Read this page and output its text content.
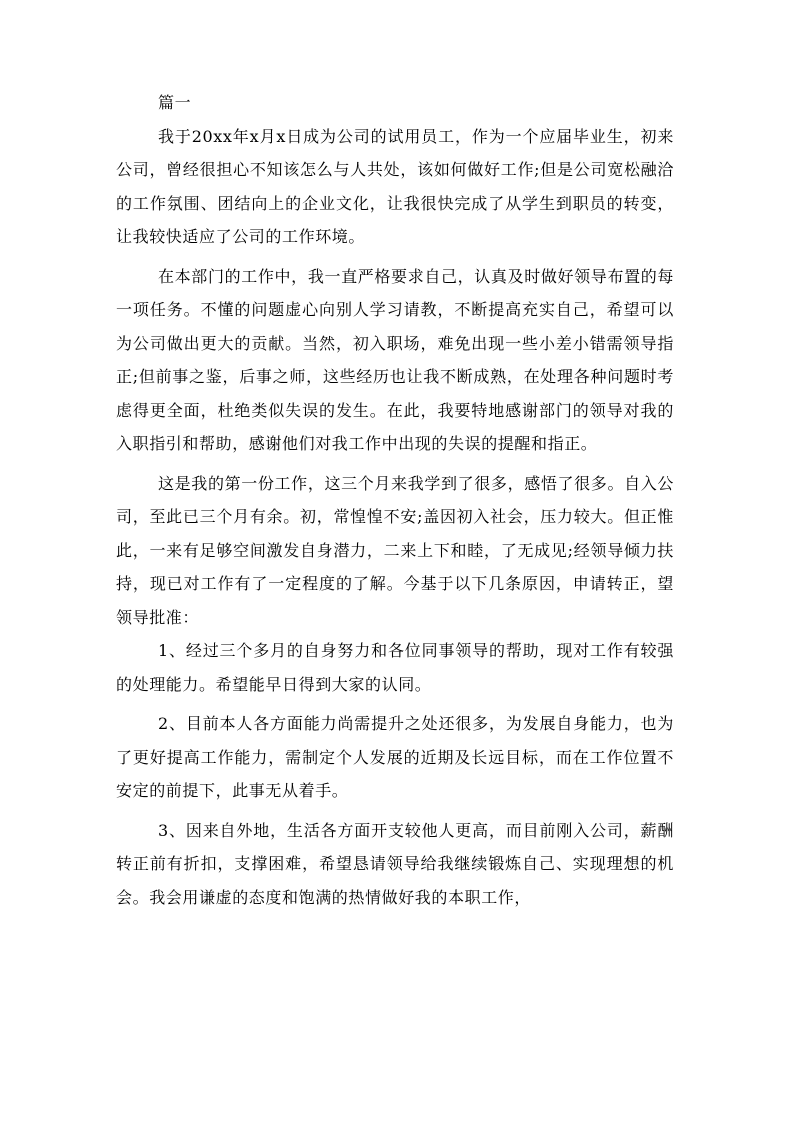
篇一

我于20xx年x月x日成为公司的试用员工，作为一个应届毕业生，初来公司，曾经很担心不知该怎么与人共处，该如何做好工作;但是公司宽松融洽的工作氛围、团结向上的企业文化，让我很快完成了从学生到职员的转变，让我较快适应了公司的工作环境。

在本部门的工作中，我一直严格要求自己，认真及时做好领导布置的每一项任务。不懂的问题虚心向别人学习请教，不断提高充实自己，希望可以为公司做出更大的贡献。当然，初入职场，难免出现一些小差小错需领导指正;但前事之鉴，后事之师，这些经历也让我不断成熟，在处理各种问题时考虑得更全面，杜绝类似失误的发生。在此，我要特地感谢部门的领导对我的入职指引和帮助，感谢他们对我工作中出现的失误的提醒和指正。

这是我的第一份工作，这三个月来我学到了很多，感悟了很多。自入公司，至此已三个月有余。初，常惶惶不安;盖因初入社会，压力较大。但正惟此，一来有足够空间激发自身潜力，二来上下和睦，了无成见;经领导倾力扶持，现已对工作有了一定程度的了解。今基于以下几条原因，申请转正，望领导批准：

1、经过三个多月的自身努力和各位同事领导的帮助，现对工作有较强的处理能力。希望能早日得到大家的认同。

2、目前本人各方面能力尚需提升之处还很多，为发展自身能力，也为了更好提高工作能力，需制定个人发展的近期及长远目标，而在工作位置不安定的前提下，此事无从着手。

3、因来自外地，生活各方面开支较他人更高，而目前刚入公司，薪酬转正前有折扣，支撑困难，希望恳请领导给我继续锻炼自己、实现理想的机会。我会用谦虚的态度和饱满的热情做好我的本职工作，
